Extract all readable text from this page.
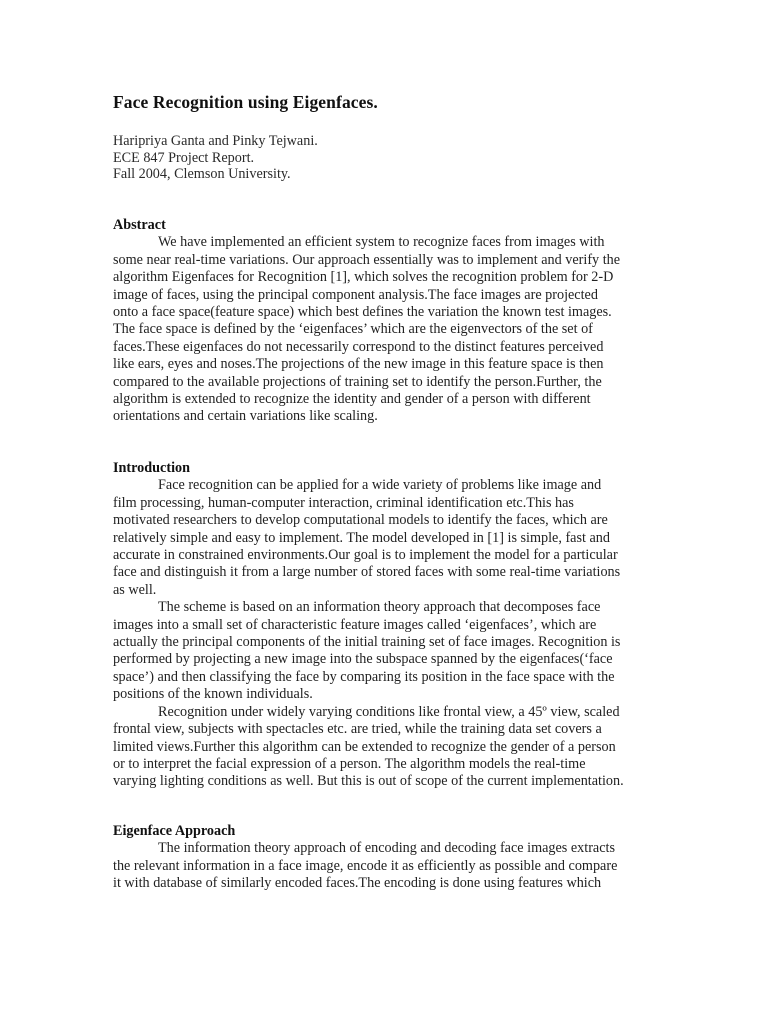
Face Recognition using Eigenfaces.
Haripriya Ganta and Pinky Tejwani.
ECE 847 Project Report.
Fall 2004, Clemson University.
Abstract
We have implemented an efficient system to recognize faces from images with
some near real-time variations. Our approach essentially was to implement and verify the
algorithm Eigenfaces for Recognition [1], which solves the recognition problem for 2-D
image of faces, using the principal component analysis.The face images are projected
onto a face space(feature space) which best defines the variation the known test images.
The face space is defined by the ‘eigenfaces’ which are the eigenvectors of the set of
faces.These eigenfaces do not necessarily correspond to the distinct features perceived
like ears, eyes and noses.The projections of the new image in this feature space is then
compared to the available projections of training set to identify the person.Further, the
algorithm is extended to recognize the identity and gender of a person with different
orientations and certain variations like scaling.
Introduction
Face recognition can be applied for a wide variety of problems like image and
film processing, human-computer interaction, criminal identification etc.This has
motivated researchers to develop computational models to identify the faces, which are
relatively simple and easy to implement. The model developed in [1] is simple, fast and
accurate in constrained environments.Our goal is to implement the model for a particular
face and distinguish it from a large number of stored faces with some real-time variations
as well.
The scheme is based on an information theory approach that decomposes face
images into a small set of characteristic feature images called ‘eigenfaces’, which are
actually the principal components of the initial training set of face images. Recognition is
performed by projecting a new image into the subspace spanned by the eigenfaces(‘face
space’) and then classifying the face by comparing its position in the face space with the
positions of the known individuals.
Recognition under widely varying conditions like frontal view, a 45º view, scaled
frontal view, subjects with spectacles etc. are tried, while the training data set covers a
limited views.Further this algorithm can be extended to recognize the gender of a person
or to interpret the facial expression of a person. The algorithm models the real-time
varying lighting conditions as well. But this is out of scope of the current implementation.
Eigenface Approach
The information theory approach of encoding and decoding face images extracts
the relevant information in a face image, encode it as efficiently as possible and compare
it with database of similarly encoded faces.The encoding is done using features which
